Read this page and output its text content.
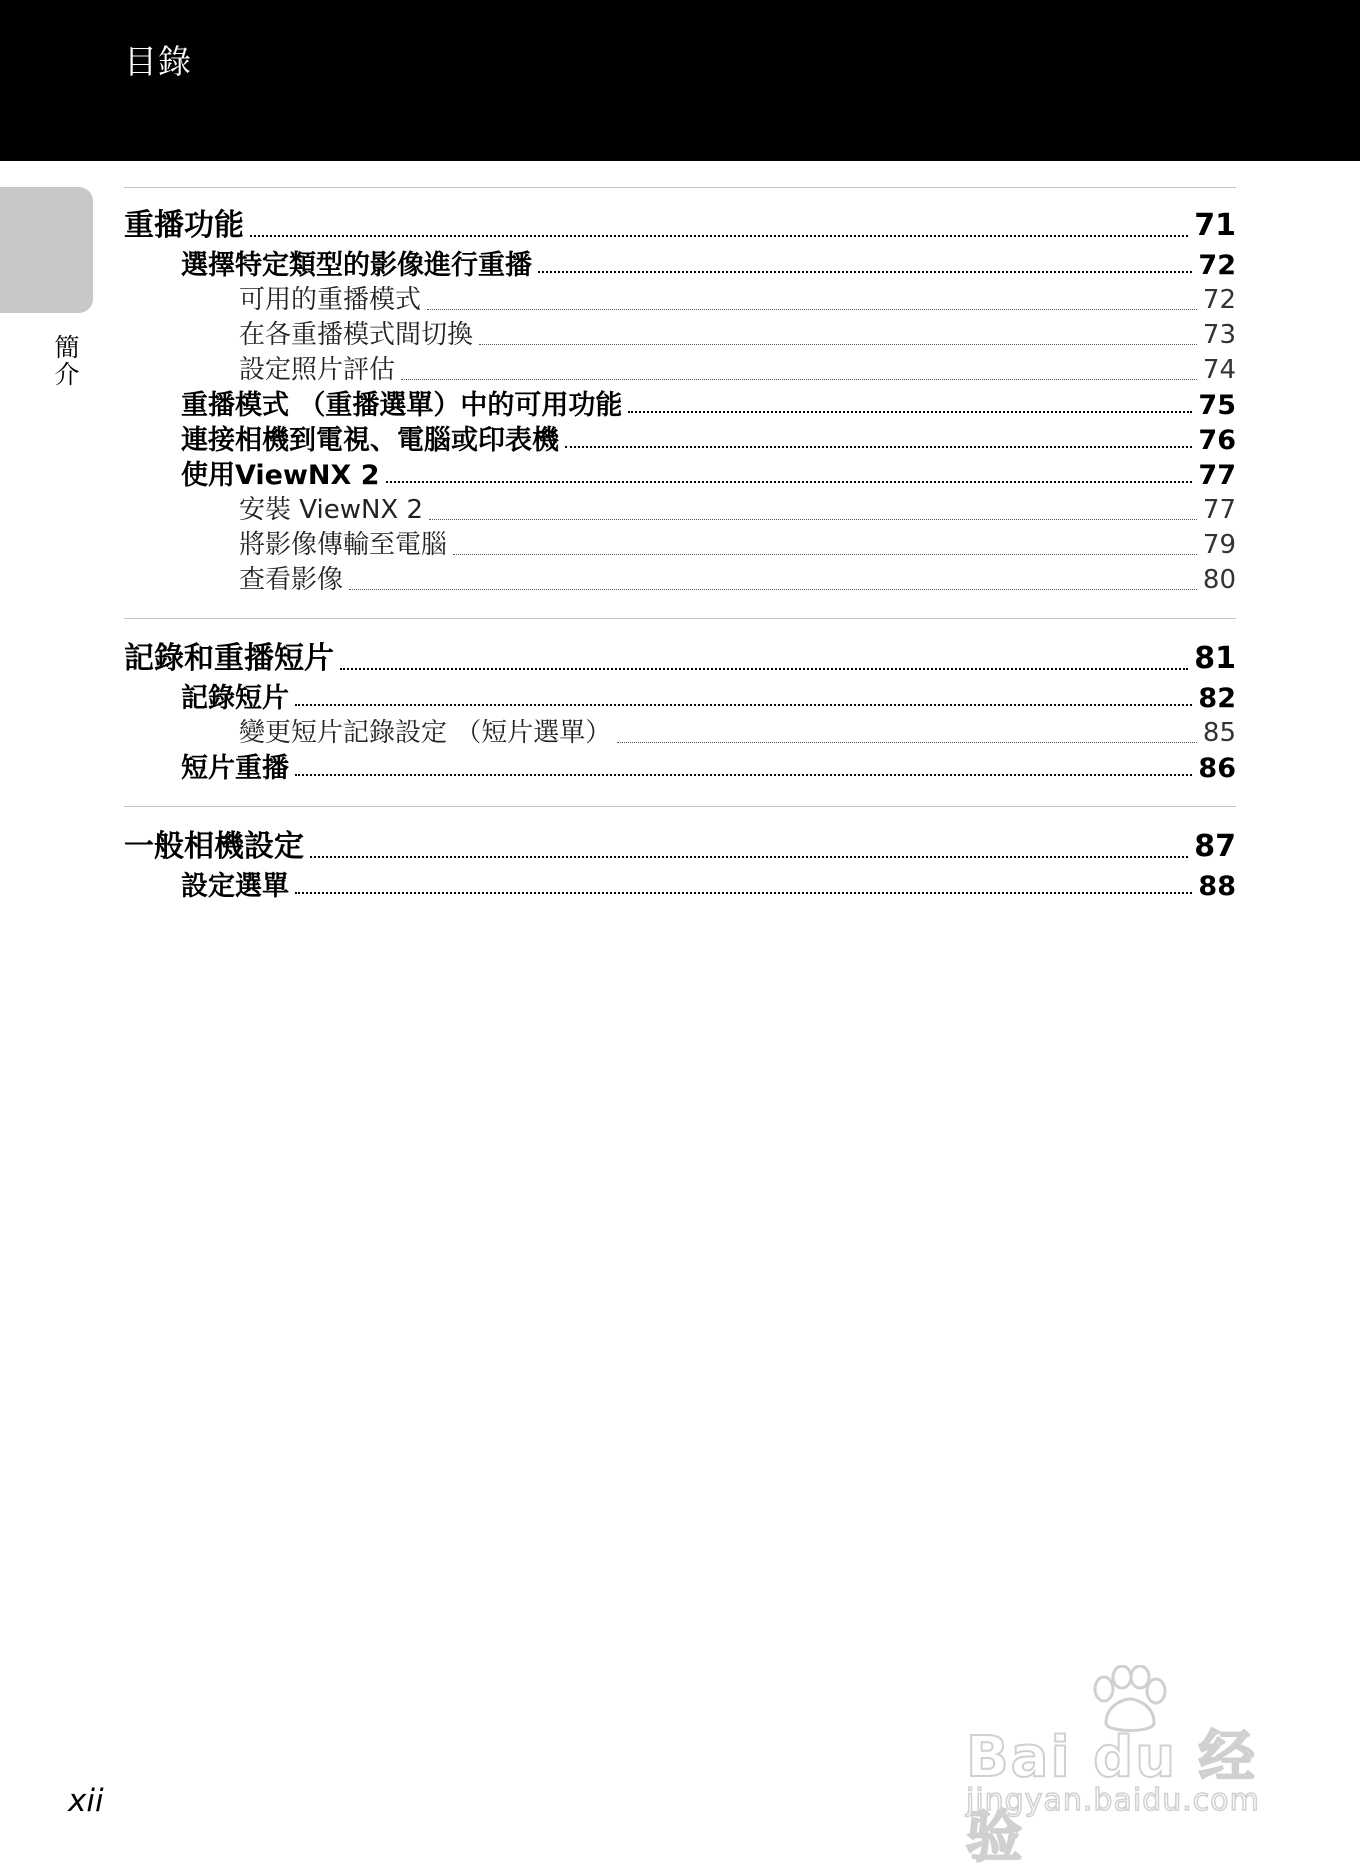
目錄
簡介
重播功能	71
選擇特定類型的影像進行重播	72
可用的重播模式	72
在各重播模式間切換	73
設定照片評估	74
重播模式 （重播選單）中的可用功能	75
連接相機到電視、電腦或印表機	76
使用ViewNX 2	77
安裝 ViewNX 2	77
將影像傳輸至電腦	79
查看影像	80
記錄和重播短片	81
記錄短片	82
變更短片記錄設定 （短片選單）	85
短片重播	86
一般相機設定	87
設定選單	88
xii
Bai du 经验
jingyan.baidu.com
